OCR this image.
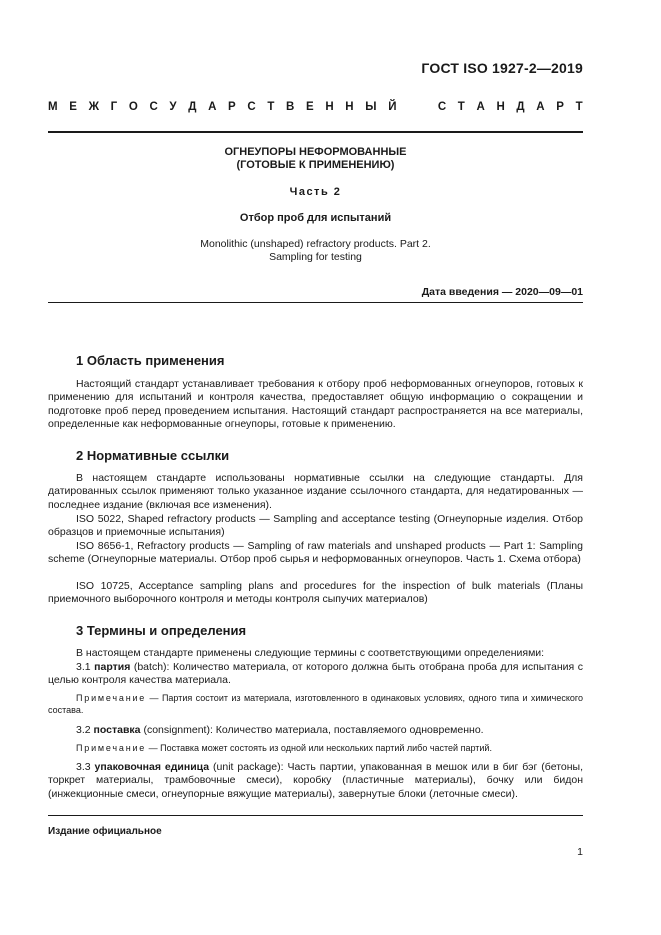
ГОСТ ISO 1927-2—2019
М Е Ж Г О С У Д А Р С Т В Е Н Н Ы Й

	С Т А Н Д А Р Т
ОГНЕУПОРЫ НЕФОРМОВАННЫЕ
(ГОТОВЫЕ К ПРИМЕНЕНИЮ)
Часть 2
Отбор проб для испытаний
Monolithic (unshaped) refractory products. Part 2.
Sampling for testing
Дата введения — 2020—09—01
1 Область применения

Настоящий стандарт устанавливает требования к отбору проб неформованных огнеупоров, готовых к применению для испытаний и контроля качества, предоставляет общую информацию о сокращении и подготовке проб перед проведением испытания. Настоящий стандарт распространяется на все материалы, определенные как неформованные огнеупоры, готовые к применению.

2 Нормативные ссылки

В настоящем стандарте использованы нормативные ссылки на следующие стандарты. Для датированных ссылок применяют только указанное издание ссылочного стандарта, для недатированных — последнее издание (включая все изменения).

ISO 5022, Shaped refractory products — Sampling and acceptance testing (Огнеупорные изделия. Отбор образцов и приемочные испытания)

ISO 8656-1, Refractory products — Sampling of raw materials and unshaped products — Part 1: Sampling scheme (Огнеупорные материалы. Отбор проб сырья и неформованных огнеупоров. Часть 1. Схема отбора)

ISO 10725, Acceptance sampling plans and procedures for the inspection of bulk materials (Планы приемочного выборочного контроля и методы контроля сыпучих материалов)

3 Термины и определения

В настоящем стандарте применены следующие термины с соответствующими определениями:

3.1 партия (batch): Количество материала, от которого должна быть отобрана проба для испытания с целью контроля качества материала.

Примечание — Партия состоит из материала, изготовленного в одинаковых условиях, одного типа и химического состава.

3.2 поставка (consignment): Количество материала, поставляемого одновременно.

Примечание — Поставка может состоять из одной или нескольких партий либо частей партий.

3.3 упаковочная единица (unit package): Часть партии, упакованная в мешок или в биг бэг (бетоны, торкрет материалы, трамбовочные смеси), коробку (пластичные материалы), бочку или бидон (инжекционные смеси, огнеупорные вяжущие материалы), завернутые блоки (леточные смеси).

Издание официальное
1
